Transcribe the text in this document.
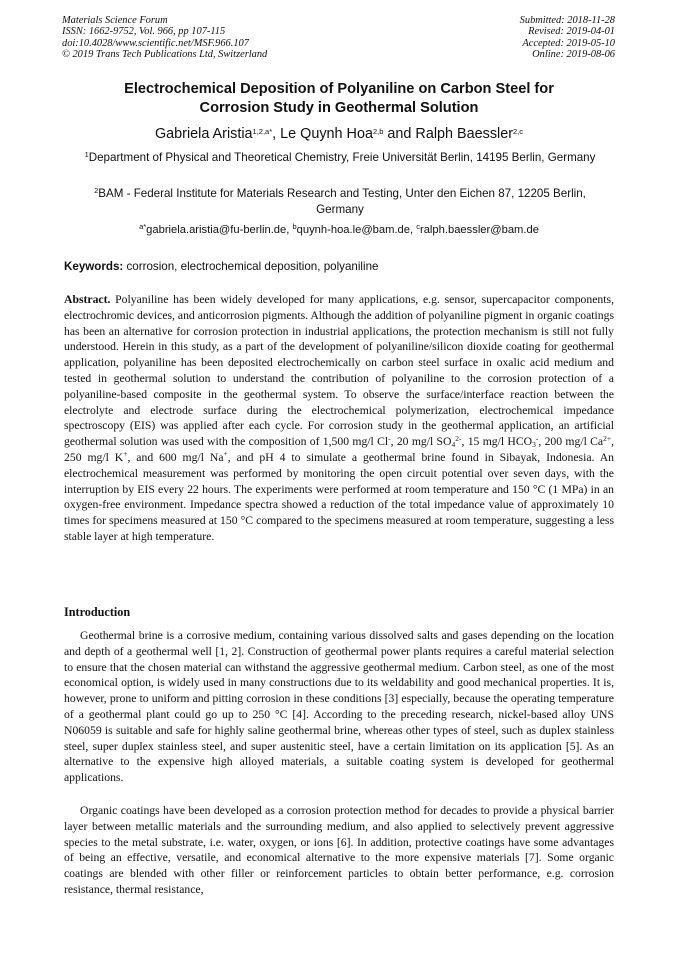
Materials Science Forum
ISSN: 1662-9752, Vol. 966, pp 107-115
doi:10.4028/www.scientific.net/MSF.966.107
© 2019 Trans Tech Publications Ltd, Switzerland
Submitted: 2018-11-28
Revised: 2019-04-01
Accepted: 2019-05-10
Online: 2019-08-06
Electrochemical Deposition of Polyaniline on Carbon Steel for
Corrosion Study in Geothermal Solution
Gabriela Aristia$^{1,2,a*}$, Le Quynh Hoa$^{2,b}$ and Ralph Baessler$^{2,c}$
$^1$Department of Physical and Theoretical Chemistry, Freie Universität Berlin, 14195 Berlin, Germany
$^2$BAM - Federal Institute for Materials Research and Testing, Unter den Eichen 87, 12205 Berlin, Germany
$^{a*}$gabriela.aristia@fu-berlin.de, $^b$quynh-hoa.le@bam.de, $^c$ralph.baessler@bam.de
Keywords: corrosion, electrochemical deposition, polyaniline
Abstract. Polyaniline has been widely developed for many applications, e.g. sensor, supercapacitor components, electrochromic devices, and anticorrosion pigments. Although the addition of polyaniline pigment in organic coatings has been an alternative for corrosion protection in industrial applications, the protection mechanism is still not fully understood. Herein in this study, as a part of the development of polyaniline/silicon dioxide coating for geothermal application, polyaniline has been deposited electrochemically on carbon steel surface in oxalic acid medium and tested in geothermal solution to understand the contribution of polyaniline to the corrosion protection of a polyaniline-based composite in the geothermal system. To observe the surface/interface reaction between the electrolyte and electrode surface during the electrochemical polymerization, electrochemical impedance spectroscopy (EIS) was applied after each cycle. For corrosion study in the geothermal application, an artificial geothermal solution was used with the composition of 1,500 mg/l Cl-, 20 mg/l $SO_4^{2-}$, 15 mg/l $HCO_3^-$, 200 mg/l $Ca^{2+}$, 250 mg/l K+, and 600 mg/l Na+, and pH 4 to simulate a geothermal brine found in Sibayak, Indonesia. An electrochemical measurement was performed by monitoring the open circuit potential over seven days, with the interruption by EIS every 22 hours. The experiments were performed at room temperature and 150 °C (1 MPa) in an oxygen-free environment. Impedance spectra showed a reduction of the total impedance value of approximately 10 times for specimens measured at 150 °C compared to the specimens measured at room temperature, suggesting a less stable layer at high temperature.
Introduction
Geothermal brine is a corrosive medium, containing various dissolved salts and gases depending on the location and depth of a geothermal well [1, 2]. Construction of geothermal power plants requires a careful material selection to ensure that the chosen material can withstand the aggressive geothermal medium. Carbon steel, as one of the most economical option, is widely used in many constructions due to its weldability and good mechanical properties. It is, however, prone to uniform and pitting corrosion in these conditions [3] especially, because the operating temperature of a geothermal plant could go up to 250 °C [4]. According to the preceding research, nickel-based alloy UNS N06059 is suitable and safe for highly saline geothermal brine, whereas other types of steel, such as duplex stainless steel, super duplex stainless steel, and super austenitic steel, have a certain limitation on its application [5]. As an alternative to the expensive high alloyed materials, a suitable coating system is developed for geothermal applications.
Organic coatings have been developed as a corrosion protection method for decades to provide a physical barrier layer between metallic materials and the surrounding medium, and also applied to selectively prevent aggressive species to the metal substrate, i.e. water, oxygen, or ions [6]. In addition, protective coatings have some advantages of being an effective, versatile, and economical alternative to the more expensive materials [7]. Some organic coatings are blended with other filler or reinforcement particles to obtain better performance, e.g. corrosion resistance, thermal resistance,
